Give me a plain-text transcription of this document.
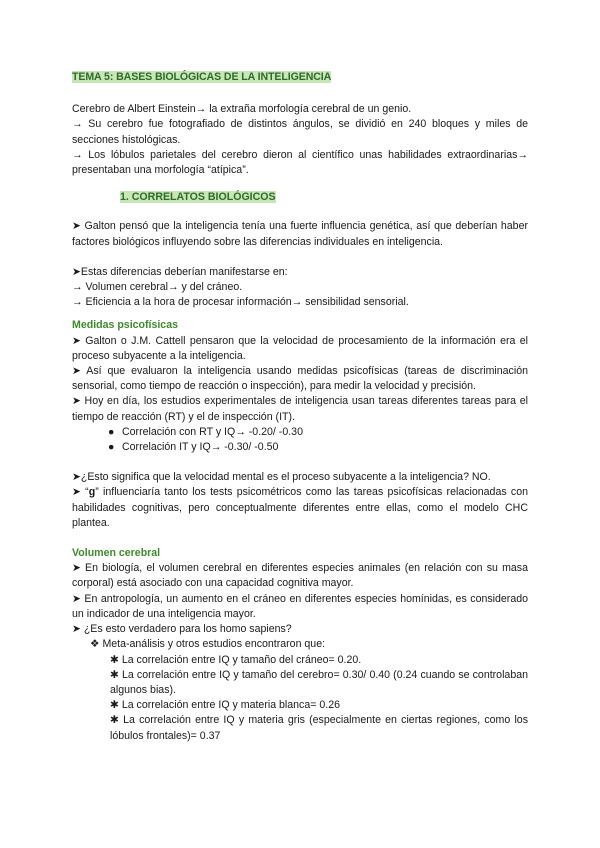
TEMA 5: BASES BIOLÓGICAS DE LA INTELIGENCIA

Cerebro de Albert Einstein→ la extraña morfología cerebral de un genio.

→ Su cerebro fue fotografiado de distintos ángulos, se dividió en 240 bloques y miles de secciones histológicas.

→ Los lóbulos parietales del cerebro dieron al científico unas habilidades extraordinarias→ presentaban una morfología “atípica”.

1. CORRELATOS BIOLÓGICOS

➤ Galton pensó que la inteligencia tenía una fuerte influencia genética, así que deberían haber factores biológicos influyendo sobre las diferencias individuales en inteligencia.

➤Estas diferencias deberían manifestarse en:

→ Volumen cerebral→ y del cráneo.

→ Eficiencia a la hora de procesar información→ sensibilidad sensorial.

Medidas psicofísicas

➤ Galton o J.M. Cattell pensaron que la velocidad de procesamiento de la información era el proceso subyacente a la inteligencia.

➤ Así que evaluaron la inteligencia usando medidas psicofísicas (tareas de discriminación sensorial, como tiempo de reacción o inspección), para medir la velocidad y precisión.

➤ Hoy en día, los estudios experimentales de inteligencia usan tareas diferentes tareas para el tiempo de reacción (RT) y el de inspección (IT).

● Correlación con RT y IQ→ -0.20/ -0.30

● Correlación IT y IQ→ -0.30/ -0.50

➤¿Esto significa que la velocidad mental es el proceso subyacente a la inteligencia? NO.

➤ “g” influenciaría tanto los tests psicométricos como las tareas psicofísicas relacionadas con habilidades cognitivas, pero conceptualmente diferentes entre ellas, como el modelo CHC plantea.

Volumen cerebral

➤ En biología, el volumen cerebral en diferentes especies animales (en relación con su masa corporal) está asociado con una capacidad cognitiva mayor.

➤ En antropología, un aumento en el cráneo en diferentes especies homínidas, es considerado un indicador de una inteligencia mayor.

➤ ¿Es esto verdadero para los homo sapiens?

❖ Meta-análisis y otros estudios encontraron que:

✱ La correlación entre IQ y tamaño del cráneo= 0.20.

✱ La correlación entre IQ y tamaño del cerebro= 0.30/ 0.40 (0.24 cuando se controlaban algunos bias).

✱ La correlación entre IQ y materia blanca= 0.26

✱ La correlación entre IQ y materia gris (especialmente en ciertas regiones, como los lóbulos frontales)= 0.37
